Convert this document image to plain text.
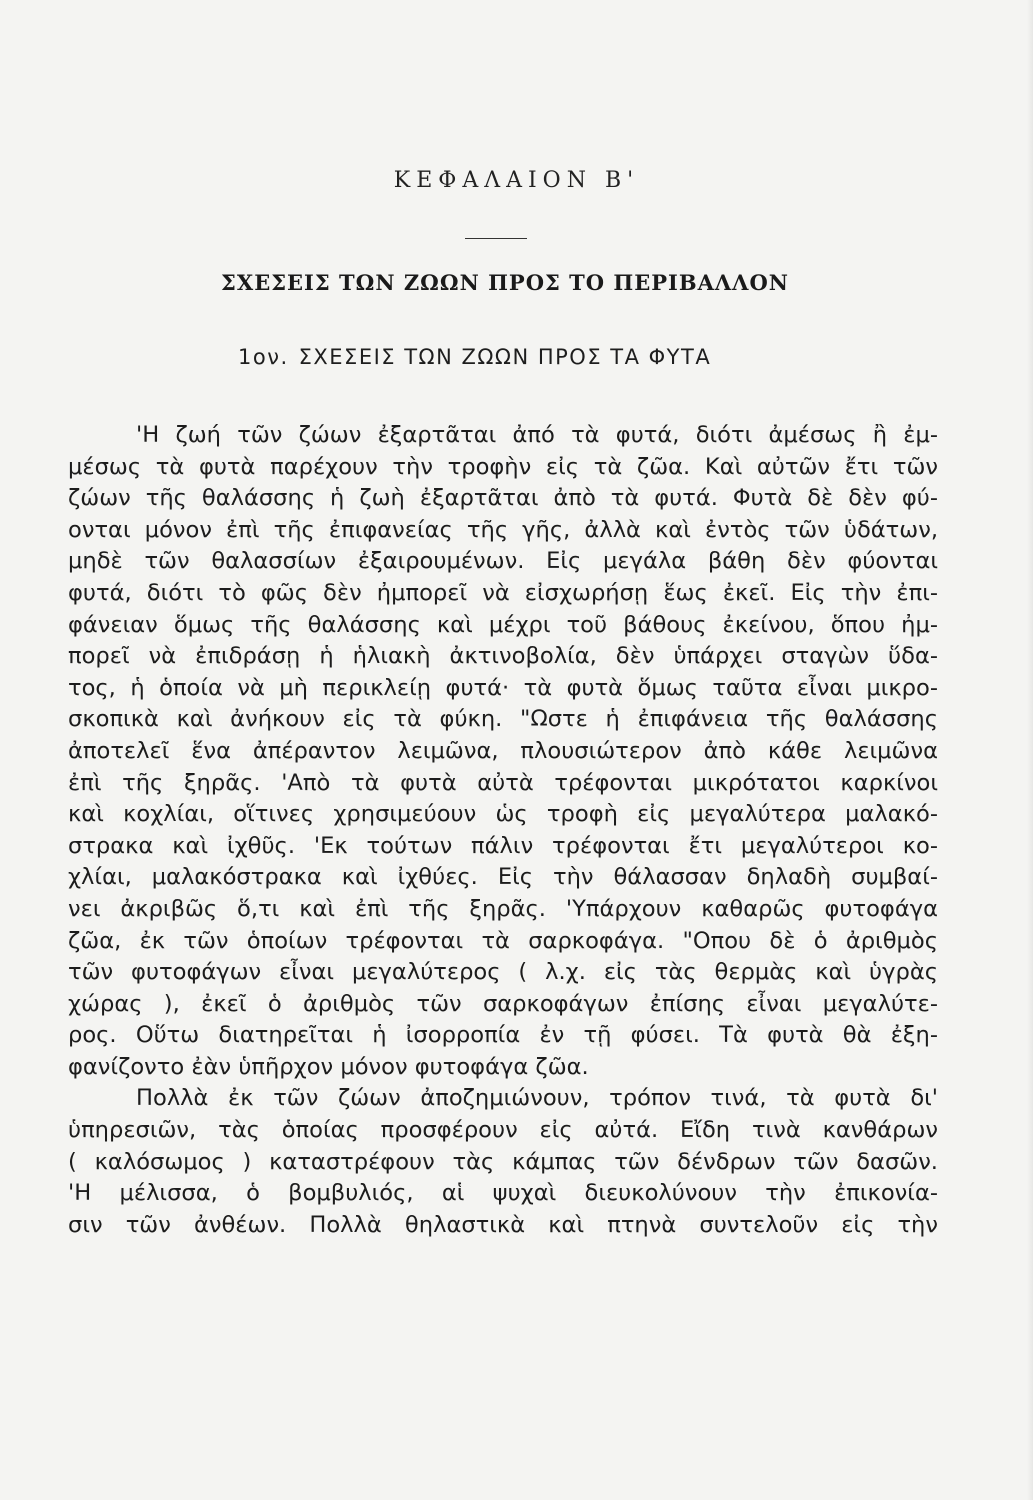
ΚΕΦΑΛΑΙΟΝ Β'
ΣΧΕΣΕΙΣ ΤΩΝ ΖΩΩΝ ΠΡΟΣ ΤΟ ΠΕΡΙΒΑΛΛΟΝ
1ον. ΣΧΕΣΕΙΣ ΤΩΝ ΖΩΩΝ ΠΡΟΣ ΤΑ ΦΥΤΑ
'Η ζωή τῶν ζώων ἐξαρτᾶται ἀπό τὰ φυτά, διότι ἀμέσως ἢ ἐμ-
μέσως τὰ φυτὰ παρέχουν τὴν τροφὴν εἰς τὰ ζῶα. Καὶ αὐτῶν ἔτι τῶν
ζώων τῆς θαλάσσης ἡ ζωὴ ἐξαρτᾶται ἀπὸ τὰ φυτά. Φυτὰ δὲ δὲν φύ-
ονται μόνον ἐπὶ τῆς ἐπιφανείας τῆς γῆς, ἀλλὰ καὶ ἐντὸς τῶν ὑδάτων,
μηδὲ τῶν θαλασσίων ἐξαιρουμένων. Εἰς μεγάλα βάθη δὲν φύονται
φυτά, διότι τὸ φῶς δὲν ἠμπορεῖ νὰ εἰσχωρήσῃ ἕως ἐκεῖ. Εἰς τὴν ἐπι-
φάνειαν ὅμως τῆς θαλάσσης καὶ μέχρι τοῦ βάθους ἐκείνου, ὅπου ἠμ-
πορεῖ νὰ ἐπιδράσῃ ἡ ἡλιακὴ ἀκτινοβολία, δὲν ὑπάρχει σταγὼν ὕδα-
τος, ἡ ὁποία νὰ μὴ περικλείῃ φυτά· τὰ φυτὰ ὅμως ταῦτα εἶναι μικρο-
σκοπικὰ καὶ ἀνήκουν εἰς τὰ φύκη. "Ωστε ἡ ἐπιφάνεια τῆς θαλάσσης
ἀποτελεῖ ἕνα ἀπέραντον λειμῶνα, πλουσιώτερον ἀπὸ κάθε λειμῶνα
ἐπὶ τῆς ξηρᾶς. 'Απὸ τὰ φυτὰ αὐτὰ τρέφονται μικρότατοι καρκίνοι
καὶ κοχλίαι, οἵτινες χρησιμεύουν ὡς τροφὴ εἰς μεγαλύτερα μαλακό-
στρακα καὶ ἰχθῦς. 'Εκ τούτων πάλιν τρέφονται ἔτι μεγαλύτεροι κο-
χλίαι, μαλακόστρακα καὶ ἰχθύες. Εἰς τὴν θάλασσαν δηλαδὴ συμβαί-
νει ἀκριβῶς ὅ,τι καὶ ἐπὶ τῆς ξηρᾶς. 'Υπάρχουν καθαρῶς φυτοφάγα
ζῶα, ἐκ τῶν ὁποίων τρέφονται τὰ σαρκοφάγα. "Οπου δὲ ὁ ἀριθμὸς
τῶν φυτοφάγων εἶναι μεγαλύτερος ( λ.χ. εἰς τὰς θερμὰς καὶ ὑγρὰς
χώρας ), ἐκεῖ ὁ ἀριθμὸς τῶν σαρκοφάγων ἐπίσης εἶναι μεγαλύτε-
ρος. Οὕτω διατηρεῖται ἡ ἰσορροπία ἐν τῇ φύσει. Τὰ φυτὰ θὰ ἐξη-
φανίζοντο ἐὰν ὑπῆρχον μόνον φυτοφάγα ζῶα.
Πολλὰ ἐκ τῶν ζώων ἀποζημιώνουν, τρόπον τινά, τὰ φυτὰ δι'
ὑπηρεσιῶν, τὰς ὁποίας προσφέρουν εἰς αὐτά. Εἴδη τινὰ κανθάρων
( καλόσωμος ) καταστρέφουν τὰς κάμπας τῶν δένδρων τῶν δασῶν.
'Η μέλισσα, ὁ βομβυλιός, αἱ ψυχαὶ διευκολύνουν τὴν ἐπικονία-
σιν τῶν ἀνθέων. Πολλὰ θηλαστικὰ καὶ πτηνὰ συντελοῦν εἰς τὴν
